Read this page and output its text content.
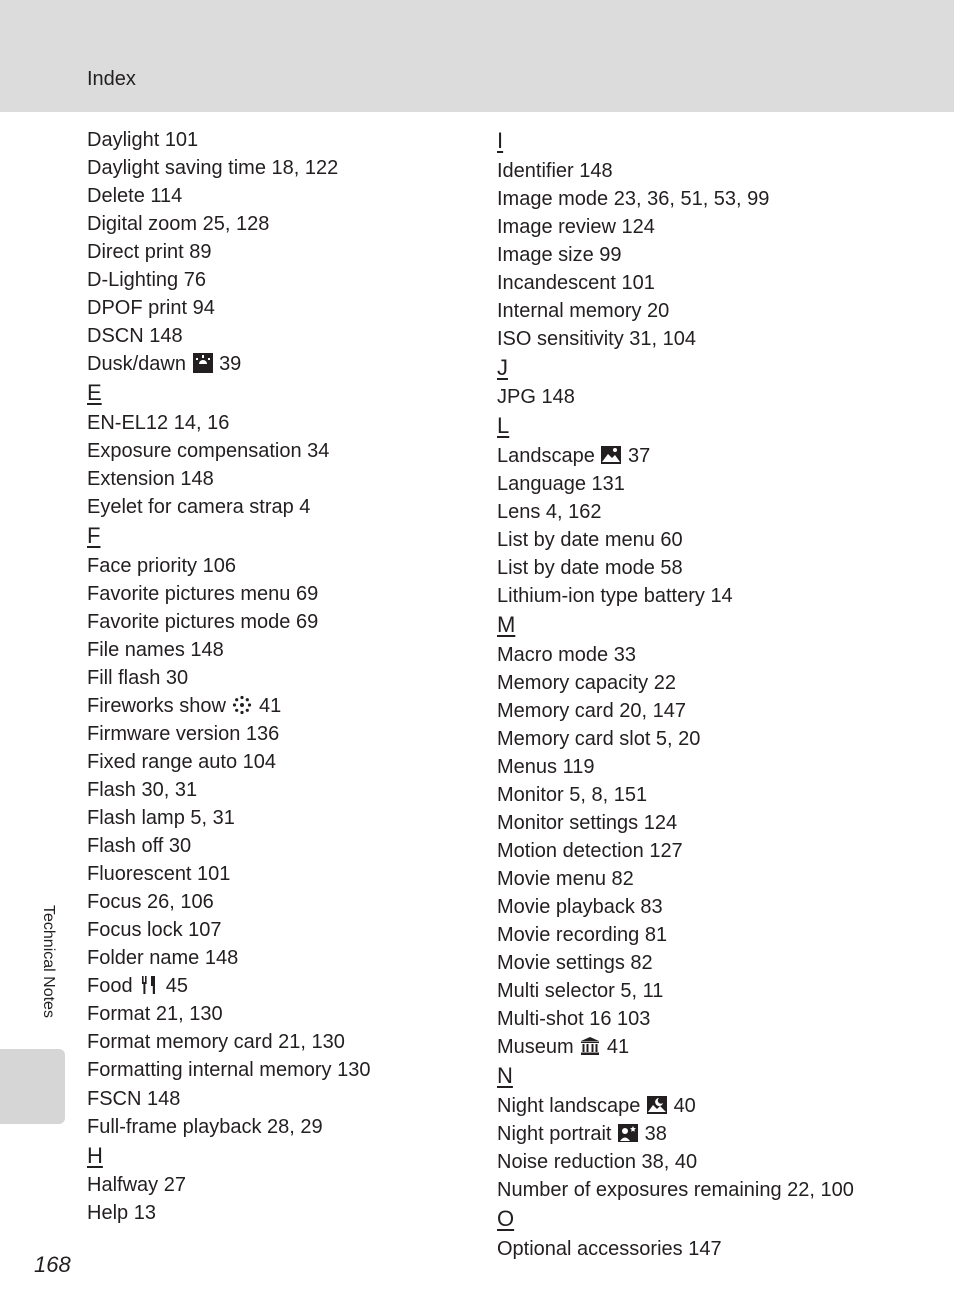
Index
Daylight 101
Daylight saving time 18, 122
Delete 114
Digital zoom 25, 128
Direct print 89
D-Lighting 76
DPOF print 94
DSCN 148
Dusk/dawn 39
E
EN-EL12 14, 16
Exposure compensation 34
Extension 148
Eyelet for camera strap 4
F
Face priority 106
Favorite pictures menu 69
Favorite pictures mode 69
File names 148
Fill flash 30
Fireworks show 41
Firmware version 136
Fixed range auto 104
Flash 30, 31
Flash lamp 5, 31
Flash off 30
Fluorescent 101
Focus 26, 106
Focus lock 107
Folder name 148
Food 45
Format 21, 130
Format memory card 21, 130
Formatting internal memory 130
FSCN 148
Full-frame playback 28, 29
H
Halfway 27
Help 13
I
Identifier 148
Image mode 23, 36, 51, 53, 99
Image review 124
Image size 99
Incandescent 101
Internal memory 20
ISO sensitivity 31, 104
J
JPG 148
L
Landscape 37
Language 131
Lens 4, 162
List by date menu 60
List by date mode 58
Lithium-ion type battery 14
M
Macro mode 33
Memory capacity 22
Memory card 20, 147
Memory card slot 5, 20
Menus 119
Monitor 5, 8, 151
Monitor settings 124
Motion detection 127
Movie menu 82
Movie playback 83
Movie recording 81
Movie settings 82
Multi selector 5, 11
Multi-shot 16 103
Museum 41
N
Night landscape 40
Night portrait 38
Noise reduction 38, 40
Number of exposures remaining 22, 100
O
Optional accessories 147
Technical Notes
168
